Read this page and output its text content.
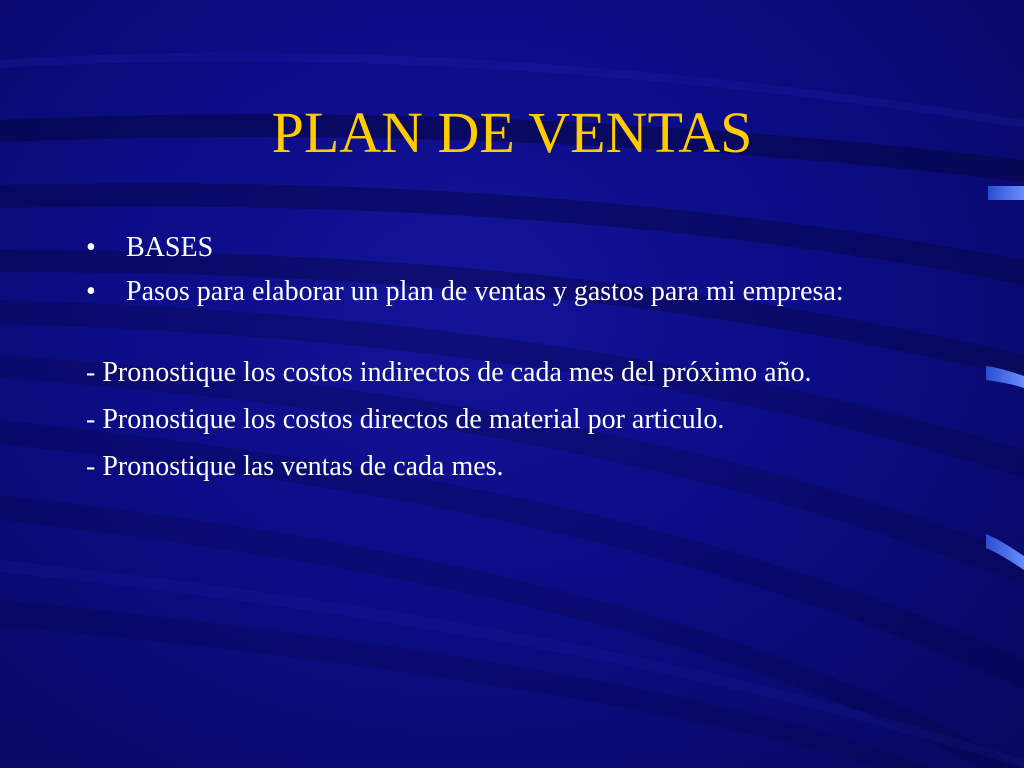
PLAN DE VENTAS
• BASES
• Pasos para elaborar un plan de ventas y gastos para mi empresa:
- Pronostique los costos indirectos de cada mes del próximo año.
- Pronostique los costos directos de material por articulo.
- Pronostique las ventas de cada mes.
